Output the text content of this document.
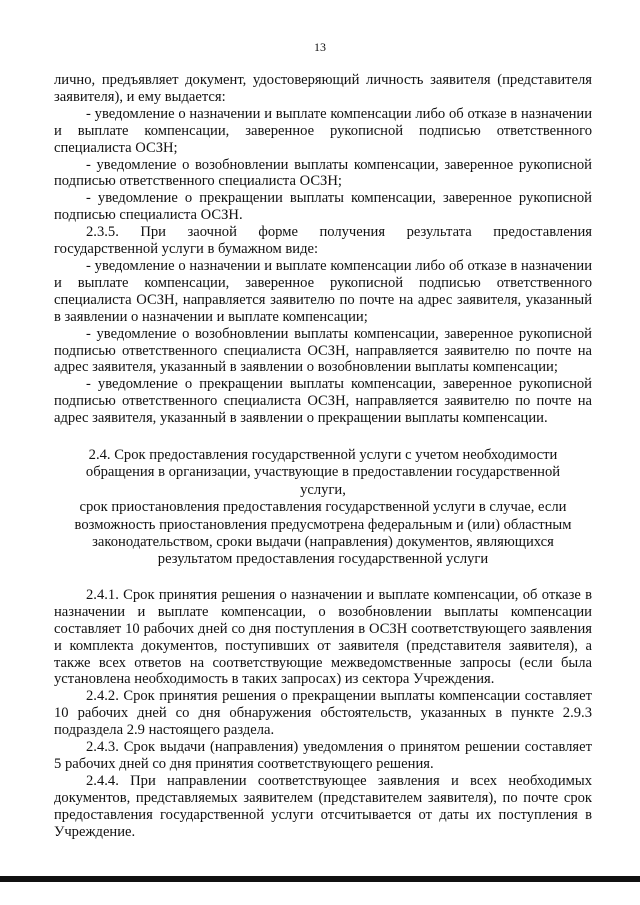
13

лично, предъявляет документ, удостоверяющий личность заявителя (представителя заявителя), и ему выдается:

- уведомление о назначении и выплате компенсации либо об отказе в назначении и выплате компенсации, заверенное рукописной подписью ответственного специалиста ОСЗН;

- уведомление о возобновлении выплаты компенсации, заверенное рукописной подписью ответственного специалиста ОСЗН;

- уведомление о прекращении выплаты компенсации, заверенное рукописной подписью специалиста ОСЗН.

2.3.5. При заочной форме получения результата предоставления государственной услуги в бумажном виде:

- уведомление о назначении и выплате компенсации либо об отказе в назначении и выплате компенсации, заверенное рукописной подписью ответственного специалиста ОСЗН, направляется заявителю по почте на адрес заявителя, указанный в заявлении о назначении и выплате компенсации;

- уведомление о возобновлении выплаты компенсации, заверенное рукописной подписью ответственного специалиста ОСЗН, направляется заявителю по почте на адрес заявителя, указанный в заявлении о возобновлении выплаты компенсации;

- уведомление о прекращении выплаты компенсации, заверенное рукописной подписью ответственного специалиста ОСЗН, направляется заявителю по почте на адрес заявителя, указанный в заявлении о прекращении выплаты компенсации.

2.4. Срок предоставления государственной услуги с учетом необходимости
обращения в организации, участвующие в предоставлении государственной услуги,
срок приостановления предоставления государственной услуги в случае, если
возможность приостановления предусмотрена федеральным и (или) областным
законодательством, сроки выдачи (направления) документов, являющихся
результатом предоставления государственной услуги

2.4.1. Срок принятия решения о назначении и выплате компенсации, об отказе в назначении и выплате компенсации, о возобновлении выплаты компенсации составляет 10 рабочих дней со дня поступления в ОСЗН соответствующего заявления и комплекта документов, поступивших от заявителя (представителя заявителя), а также всех ответов на соответствующие межведомственные запросы (если была установлена необходимость в таких запросах) из сектора Учреждения.

2.4.2. Срок принятия решения о прекращении выплаты компенсации составляет 10 рабочих дней со дня обнаружения обстоятельств, указанных в пункте 2.9.3 подраздела 2.9 настоящего раздела.

2.4.3. Срок выдачи (направления) уведомления о принятом решении составляет 5 рабочих дней со дня принятия соответствующего решения.

2.4.4. При направлении соответствующее заявления и всех необходимых документов, представляемых заявителем (представителем заявителя), по почте срок предоставления государственной услуги отсчитывается от даты их поступления в Учреждение.
